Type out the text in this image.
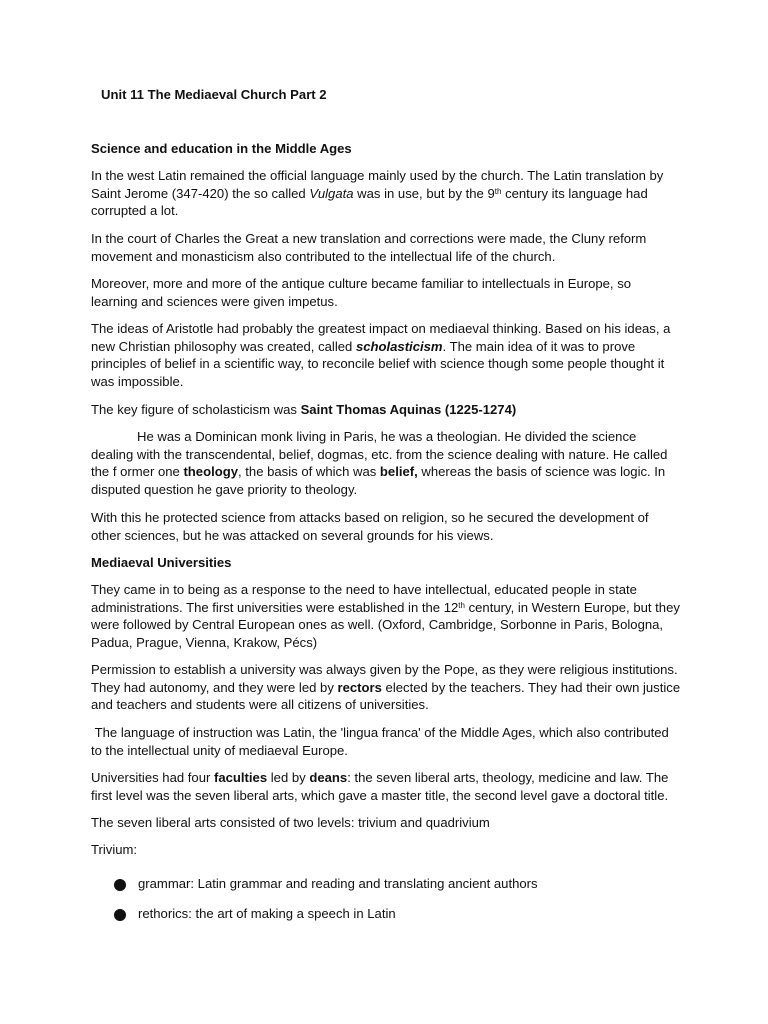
Unit 11 The Mediaeval Church Part 2

Science and education in the Middle Ages

In the west Latin remained the official language mainly used by the church. The Latin translation by Saint Jerome (347-420) the so called Vulgata was in use, but by the 9th century its language had corrupted a lot.

In the court of Charles the Great a new translation and corrections were made, the Cluny reform movement and monasticism also contributed to the intellectual life of the church.

Moreover, more and more of the antique culture became familiar to intellectuals in Europe, so learning and sciences were given impetus.

The ideas of Aristotle had probably the greatest impact on mediaeval thinking. Based on his ideas, a new Christian philosophy was created, called scholasticism. The main idea of it was to prove principles of belief in a scientific way, to reconcile belief with science though some people thought it was impossible.

The key figure of scholasticism was Saint Thomas Aquinas (1225-1274)

He was a Dominican monk living in Paris, he was a theologian. He divided the science dealing with the transcendental, belief, dogmas, etc. from the science dealing with nature. He called the f ormer one theology, the basis of which was belief, whereas the basis of science was logic. In disputed question he gave priority to theology.

With this he protected science from attacks based on religion, so he secured the development of other sciences, but he was attacked on several grounds for his views.

Mediaeval Universities

They came in to being as a response to the need to have intellectual, educated people in state administrations. The first universities were established in the 12th century, in Western Europe, but they were followed by Central European ones as well. (Oxford, Cambridge, Sorbonne in Paris, Bologna, Padua, Prague, Vienna, Krakow, Pécs)

Permission to establish a university was always given by the Pope, as they were religious institutions. They had autonomy, and they were led by rectors elected by the teachers. They had their own justice and teachers and students were all citizens of universities.

The language of instruction was Latin, the 'lingua franca' of the Middle Ages, which also contributed to the intellectual unity of mediaeval Europe.

Universities had four faculties led by deans: the seven liberal arts, theology, medicine and law. The first level was the seven liberal arts, which gave a master title, the second level gave a doctoral title.

The seven liberal arts consisted of two levels: trivium and quadrivium

Trivium:

grammar: Latin grammar and reading and translating ancient authors

rethorics: the art of making a speech in Latin
